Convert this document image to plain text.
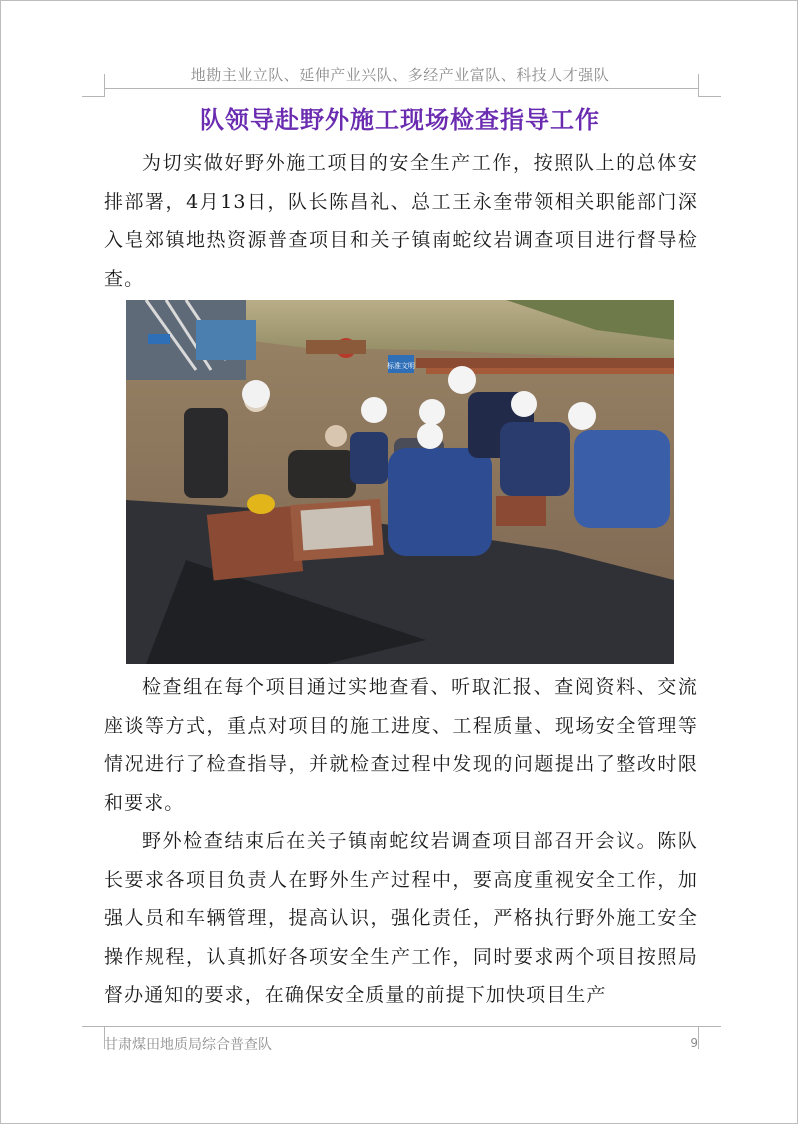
地勘主业立队、延伸产业兴队、多经产业富队、科技人才强队
队领导赴野外施工现场检查指导工作

为切实做好野外施工项目的安全生产工作，按照队上的总体安排部署，4月13日，队长陈昌礼、总工王永奎带领相关职能部门深入皂郊镇地热资源普查项目和关子镇南蛇纹岩调查项目进行督导检查。

标准文明

检查组在每个项目通过实地查看、听取汇报、查阅资料、交流座谈等方式，重点对项目的施工进度、工程质量、现场安全管理等情况进行了检查指导，并就检查过程中发现的问题提出了整改时限和要求。

野外检查结束后在关子镇南蛇纹岩调查项目部召开会议。陈队长要求各项目负责人在野外生产过程中，要高度重视安全工作，加强人员和车辆管理，提高认识，强化责任，严格执行野外施工安全操作规程，认真抓好各项安全生产工作，同时要求两个项目按照局督办通知的要求，在确保安全质量的前提下加快项目生产

甘肃煤田地质局综合普查队	9
